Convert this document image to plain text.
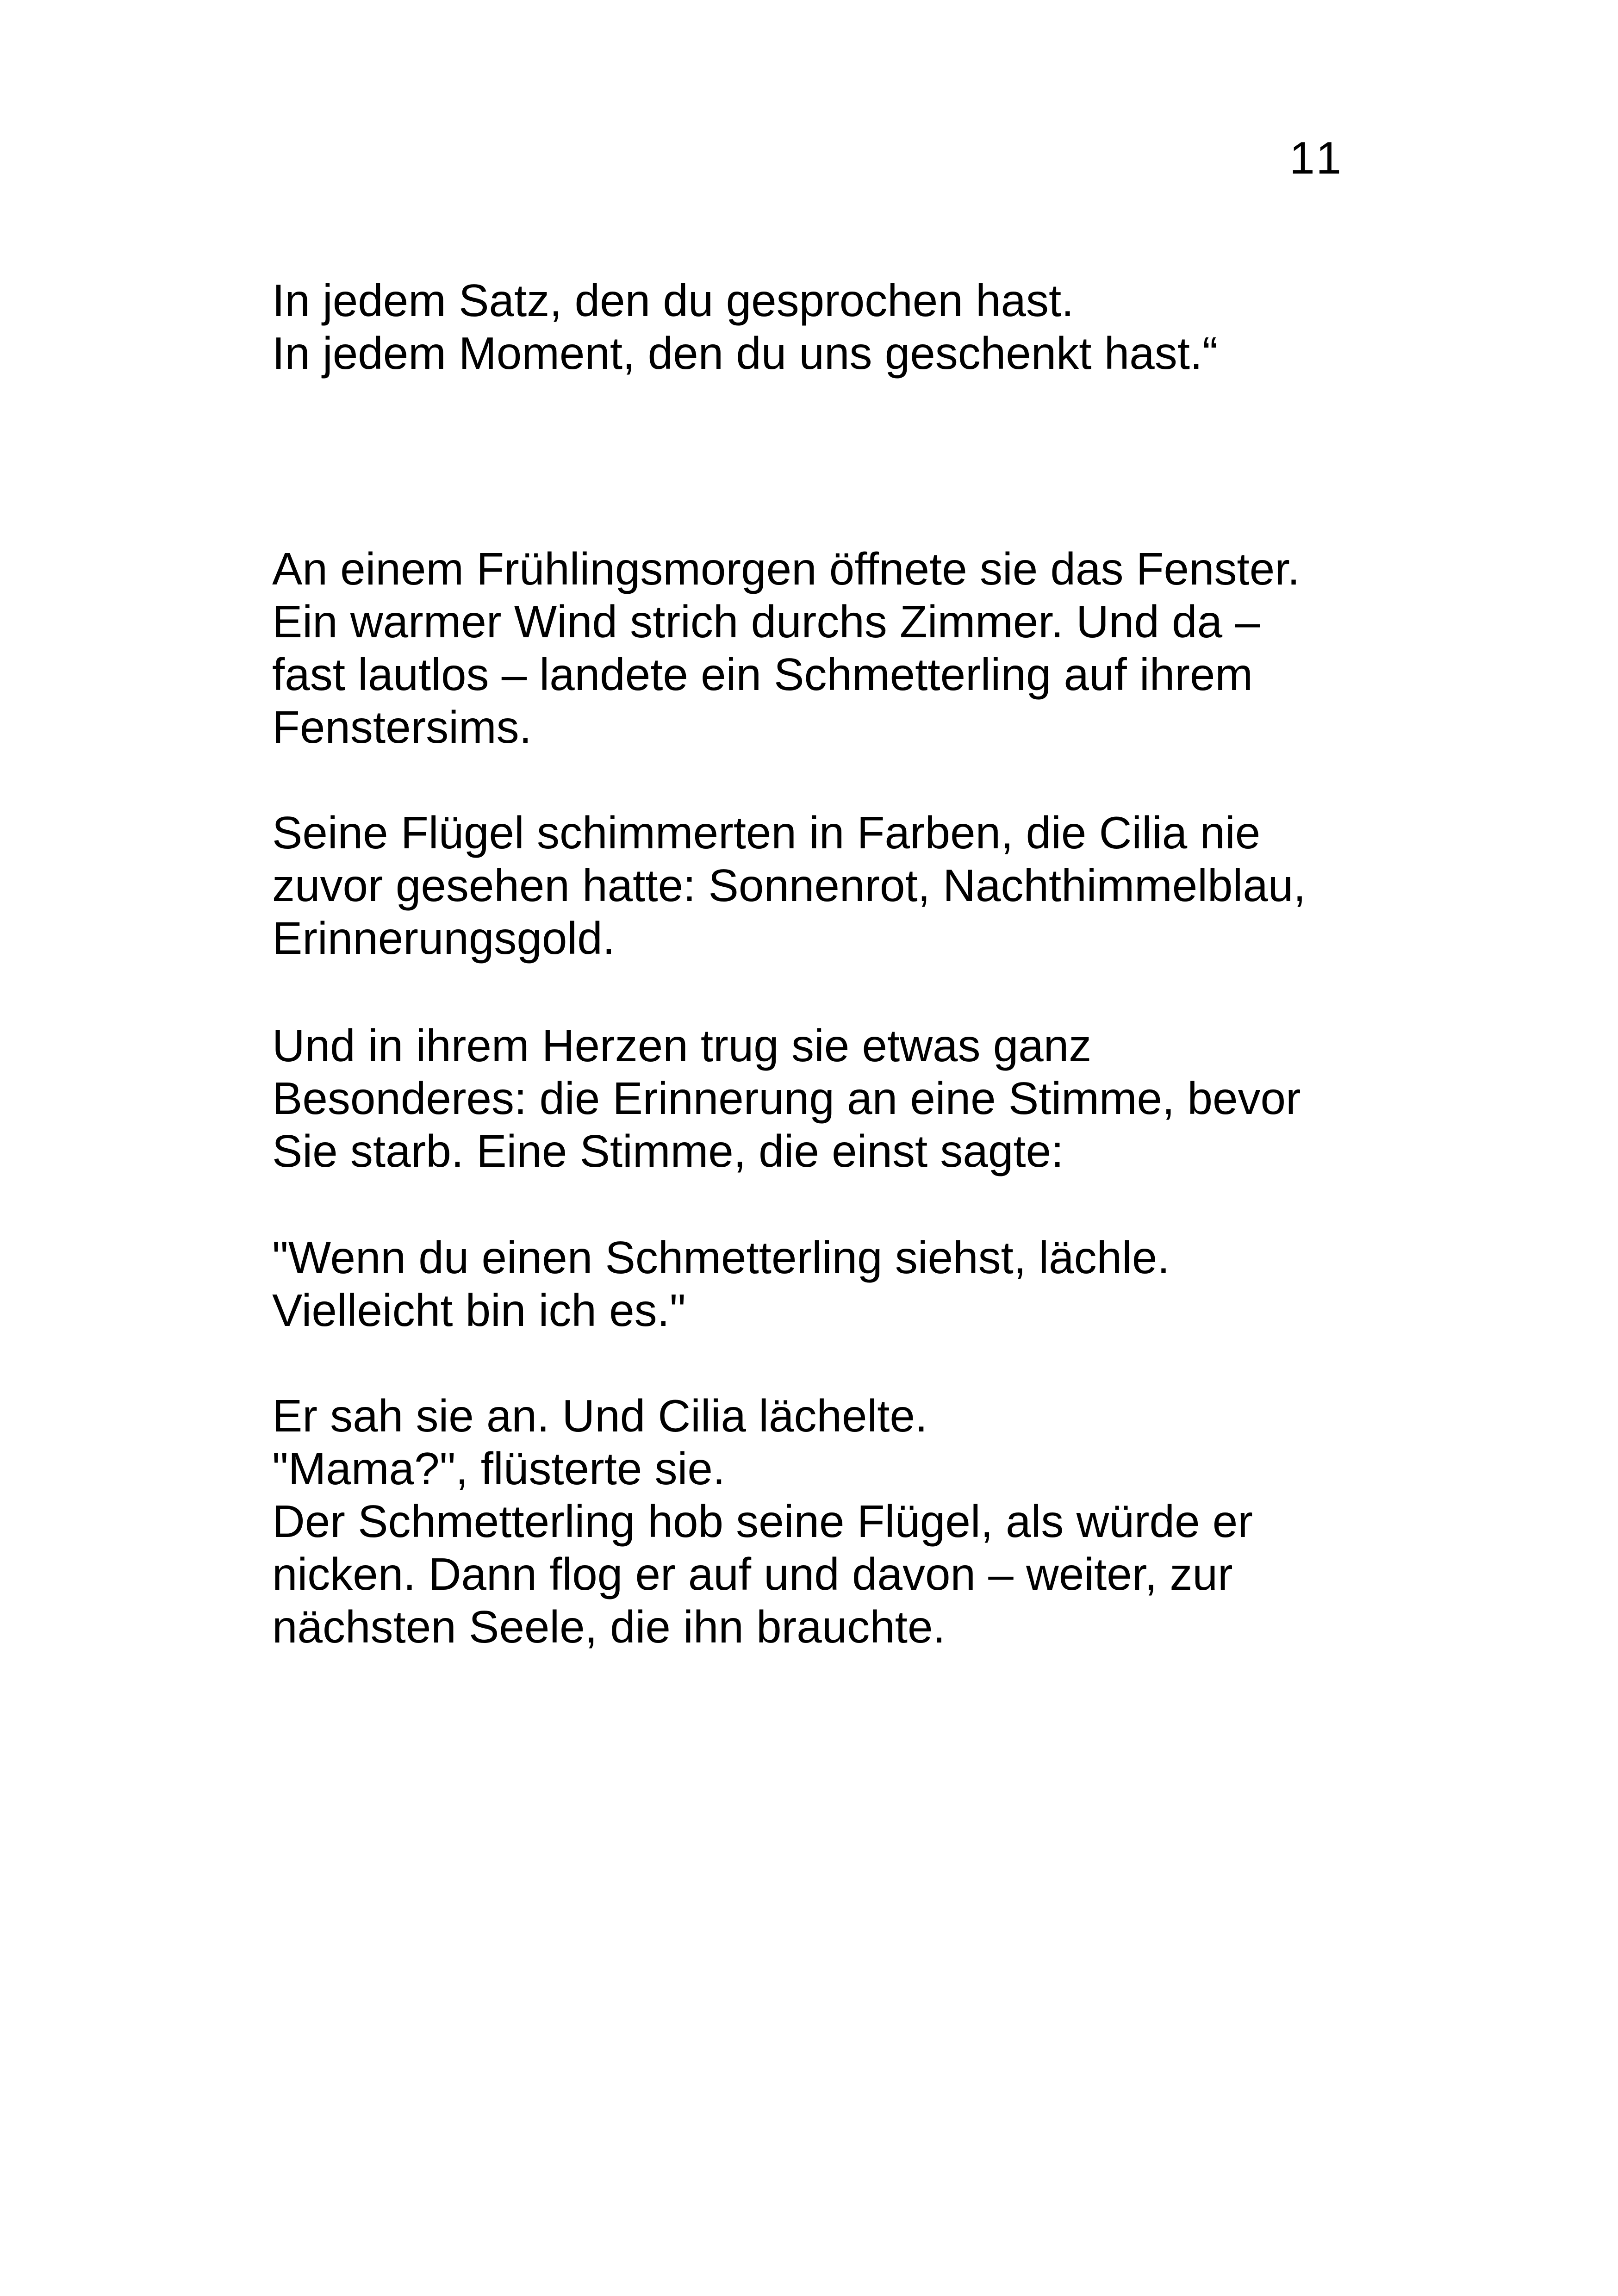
11
In jedem Satz, den du gesprochen hast.
In jedem Moment, den du uns geschenkt hast.“
An einem Frühlingsmorgen öffnete sie das Fenster.
Ein warmer Wind strich durchs Zimmer. Und da –
fast lautlos – landete ein Schmetterling auf ihrem
Fenstersims.
Seine Flügel schimmerten in Farben, die Cilia nie
zuvor gesehen hatte: Sonnenrot, Nachthimmelblau,
Erinnerungsgold.
Und in ihrem Herzen trug sie etwas ganz
Besonderes: die Erinnerung an eine Stimme, bevor
Sie starb. Eine Stimme, die einst sagte:
"Wenn du einen Schmetterling siehst, lächle.
Vielleicht bin ich es."
Er sah sie an. Und Cilia lächelte.
"Mama?", flüsterte sie.
Der Schmetterling hob seine Flügel, als würde er
nicken. Dann flog er auf und davon – weiter, zur
nächsten Seele, die ihn brauchte.
